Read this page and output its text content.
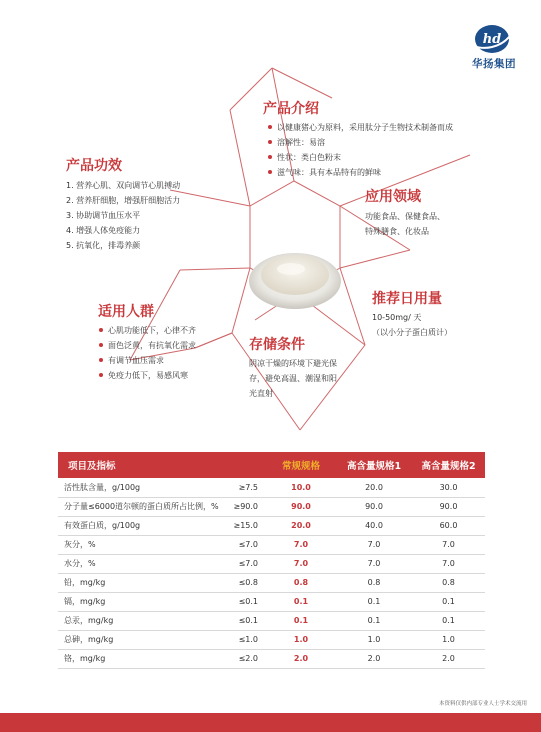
hd
华扬集团
产品介绍
以健康猪心为原料，采用肽分子生物技术制备而成
溶解性：易溶
性状：类白色粉末
滋气味：具有本品特有的鲜味
产品功效
1. 营养心肌、双向调节心肌搏动
2. 营养肝细胞，增强肝细胞活力
3. 协助调节血压水平
4. 增强人体免疫能力
5. 抗氧化，排毒养颜
应用领域
功能食品、保健食品、
特殊膳食、化妆品
推荐日用量
10-50mg/ 天
（以小分子蛋白质计）
适用人群
心肌功能低下，心律不齐
面色泛黄，有抗氧化需求
有调节血压需求
免疫力低下，易感风寒
存储条件
阴凉干燥的环境下避光保
存，避免高温、潮湿和阳
光直射
项目及指标		常规规格	高含量规格1	高含量规格2
活性肽含量，g/100g	≥7.5	10.0	20.0	30.0
分子量≤6000道尔顿的蛋白质所占比例，%	≥90.0	90.0	90.0	90.0
有效蛋白质，g/100g	≥15.0	20.0	40.0	60.0
灰分，%	≤7.0	7.0	7.0	7.0
水分，%	≤7.0	7.0	7.0	7.0
铅，mg/kg	≤0.8	0.8	0.8	0.8
镉，mg/kg	≤0.1	0.1	0.1	0.1
总汞，mg/kg	≤0.1	0.1	0.1	0.1
总砷，mg/kg	≤1.0	1.0	1.0	1.0
铬，mg/kg	≤2.0	2.0	2.0	2.0
本资料仅供内部专业人士学术交流用
